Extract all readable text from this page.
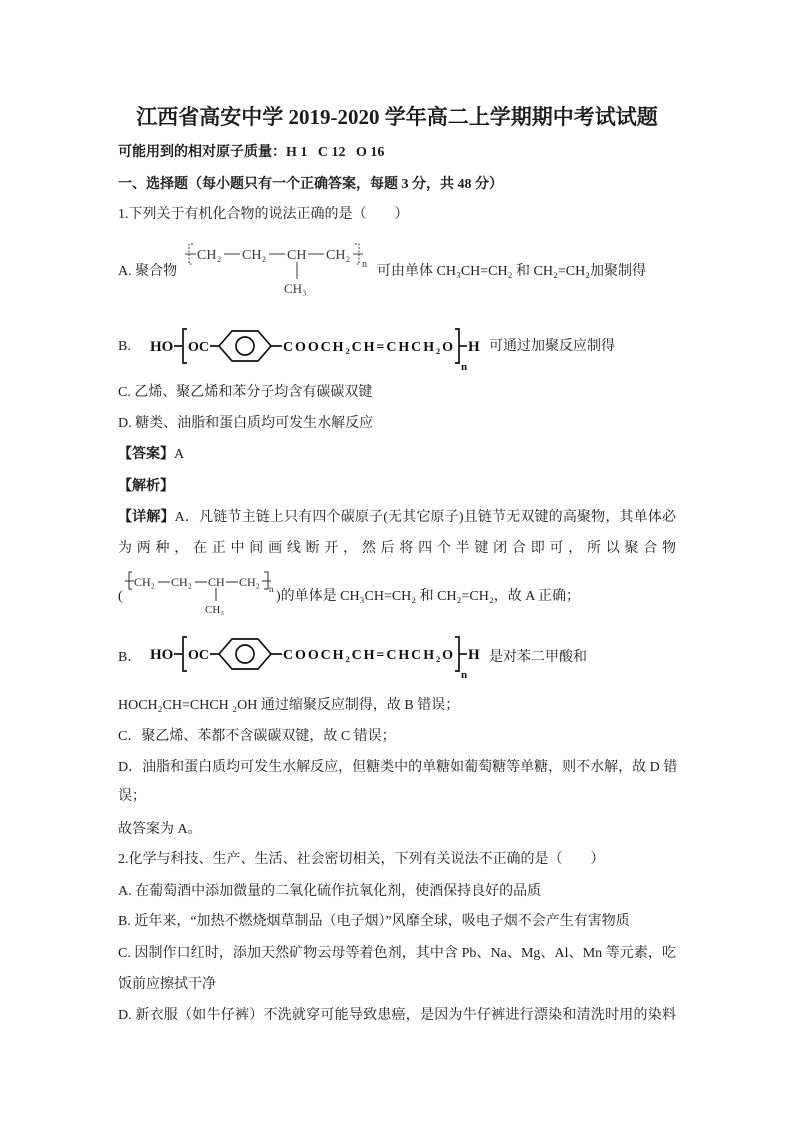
江西省高安中学 2019-2020 学年高二上学期期中考试试题
可能用到的相对原子质量：H 1   C 12   O 16
一、选择题（每小题只有一个正确答案，每题 3 分，共 48 分）
1.下列关于有机化合物的说法正确的是（　　）
A. 聚合物
CH₂ CH₂ CH CH₂
n
CH₃
可由单体 CH₃CH=CH₂ 和 CH₂=CH₂加聚制得
B. HO OC	COOCH₂CH=CHCH₂O H
n
可通过加聚反应制得
C. 乙烯、聚乙烯和苯分子均含有碳碳双键
D. 糖类、油脂和蛋白质均可发生水解反应
【答案】A
【解析】
【详解】A．凡链节主链上只有四个碳原子(无其它原子)且链节无双键的高聚物，其单体必
为两种，在正中间画线断开，然后将四个半键闭合即可，所以聚合物
(
CH₂ CH₂ CH CH₂ n
CH₃
)的单体是 CH₃CH=CH₂ 和 CH₂=CH₂，故 A 正确；
B． HO OC	COOCH₂CH=CHCH₂O H
n
是对苯二甲酸和
HOCH₂CH=CHCH ₂OH 通过缩聚反应制得，故 B 错误；
C．聚乙烯、苯都不含碳碳双键，故 C 错误；
D．油脂和蛋白质均可发生水解反应，但糖类中的单糖如葡萄糖等单糖，则不水解，故 D 错
误；
故答案为 A。
2.化学与科技、生产、生活、社会密切相关，下列有关说法不正确的是（　　）
A. 在葡萄酒中添加微量的二氧化硫作抗氧化剂，使酒保持良好的品质
B. 近年来，“加热不燃烧烟草制品（电子烟）”风靡全球，吸电子烟不会产生有害物质
C. 因制作口红时，添加天然矿物云母等着色剂，其中含 Pb、Na、Mg、Al、Mn 等元素，吃
饭前应擦拭干净
D. 新衣服（如牛仔裤）不洗就穿可能导致患癌，是因为牛仔裤进行漂染和清洗时用的染料
